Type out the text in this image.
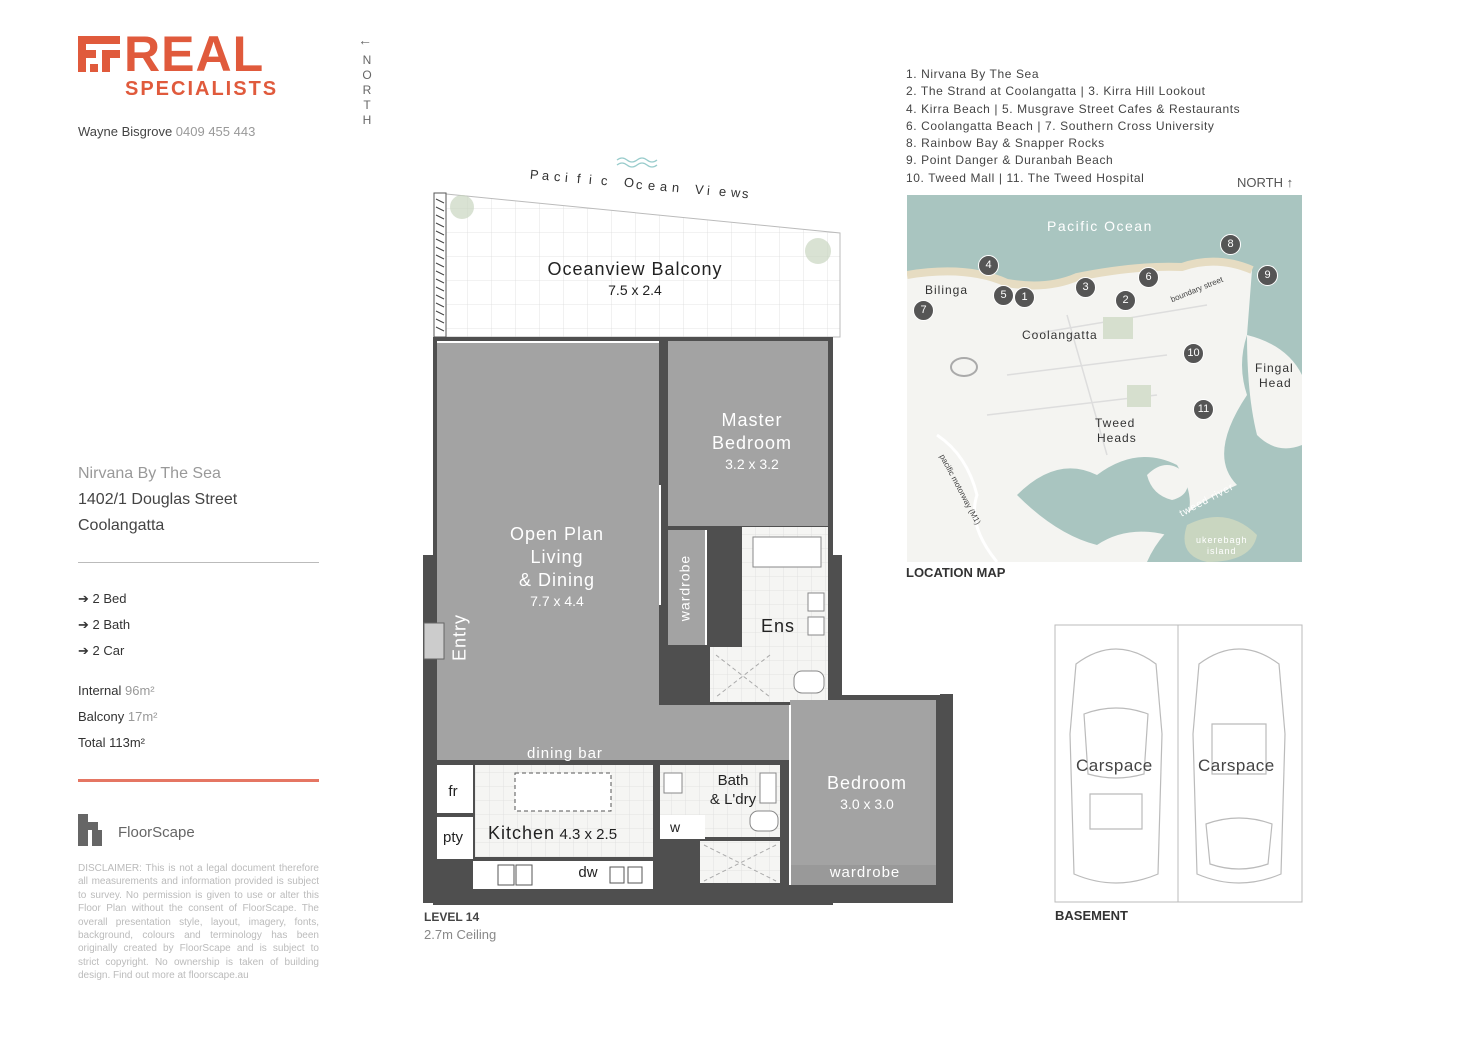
REAL
SPECIALISTS
Wayne Bisgrove 0409 455 443
Nirvana By The Sea
1402/1 Douglas Street
Coolangatta
➔ 2 Bed
➔ 2 Bath
➔ 2 Car
Internal 96m²
Balcony 17m²
Total 113m²
FloorScape
DISCLAIMER: This is not a legal document therefore all measurements and information provided is subject to survey. No permission is given to use or alter this Floor Plan without the consent of FloorScape. The overall presentation style, layout, imagery, fonts, background, colours and terminology has been originally created by FloorScape and is subject to strict copyright. No ownership is taken of building design. Find out more at floorscape.au
←
N
O
R
T
H
P a c i f i c O c e a n V i e w s
Oceanview Balcony
7.5 x 2.4
Open Plan
Living
& Dining
7.7 x 4.4
Master
Bedroom
3.2 x 3.2
Ens
wardrobe
Entry
dining bar
fr
pty	Kitchen 4.3 x 2.5
dw
Bath
& L'dry
w
Bedroom
3.0 x 3.0
wardrobe
LEVEL 14
2.7m Ceiling
1. Nirvana By The Sea
2. The Strand at Coolangatta | 3. Kirra Hill Lookout
4. Kirra Beach | 5. Musgrave Street Cafes & Restaurants
6. Coolangatta Beach | 7. Southern Cross University
8. Rainbow Bay & Snapper Rocks
9. Point Danger & Duranbah Beach
10. Tweed Mall | 11. The Tweed Hospital	NORTH ↑
Pacific Ocean
Bilinga
Coolangatta
Fingal
Head
Tweed
Heads
boundary street
pacific motorway (M1)	tweed river
ukerebagh
island
1	2
3
4
5
6
7
8
9
10
11
LOCATION MAP
Carspace	Carspace
BASEMENT
